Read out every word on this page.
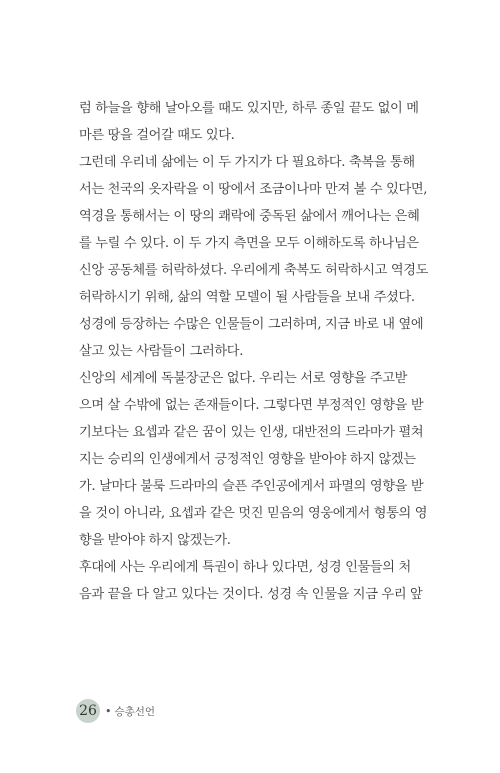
럼 하늘을 향해 날아오를 때도 있지만, 하루 종일 끝도 없이 메
마른 땅을 걸어갈 때도 있다.
그런데 우리네 삶에는 이 두 가지가 다 필요하다. 축복을 통해
서는 천국의 옷자락을 이 땅에서 조금이나마 만져 볼 수 있다면,
역경을 통해서는 이 땅의 쾌락에 중독된 삶에서 깨어나는 은혜
를 누릴 수 있다. 이 두 가지 측면을 모두 이해하도록 하나님은
신앙 공동체를 허락하셨다. 우리에게 축복도 허락하시고 역경도
허락하시기 위해, 삶의 역할 모델이 될 사람들을 보내 주셨다.
성경에 등장하는 수많은 인물들이 그러하며, 지금 바로 내 옆에
살고 있는 사람들이 그러하다.
신앙의 세계에 독불장군은 없다. 우리는 서로 영향을 주고받
으며 살 수밖에 없는 존재들이다. 그렇다면 부정적인 영향을 받
기보다는 요셉과 같은 꿈이 있는 인생, 대반전의 드라마가 펼쳐
지는 승리의 인생에게서 긍정적인 영향을 받아야 하지 않겠는
가. 날마다 불룩 드라마의 슬픈 주인공에게서 파멸의 영향을 받
을 것이 아니라, 요셉과 같은 멋진 믿음의 영웅에게서 형통의 영
향을 받아야 하지 않겠는가.
후대에 사는 우리에게 특권이 하나 있다면, 성경 인물들의 처
음과 끝을 다 알고 있다는 것이다. 성경 속 인물을 지금 우리 앞
26 • 승총선언
